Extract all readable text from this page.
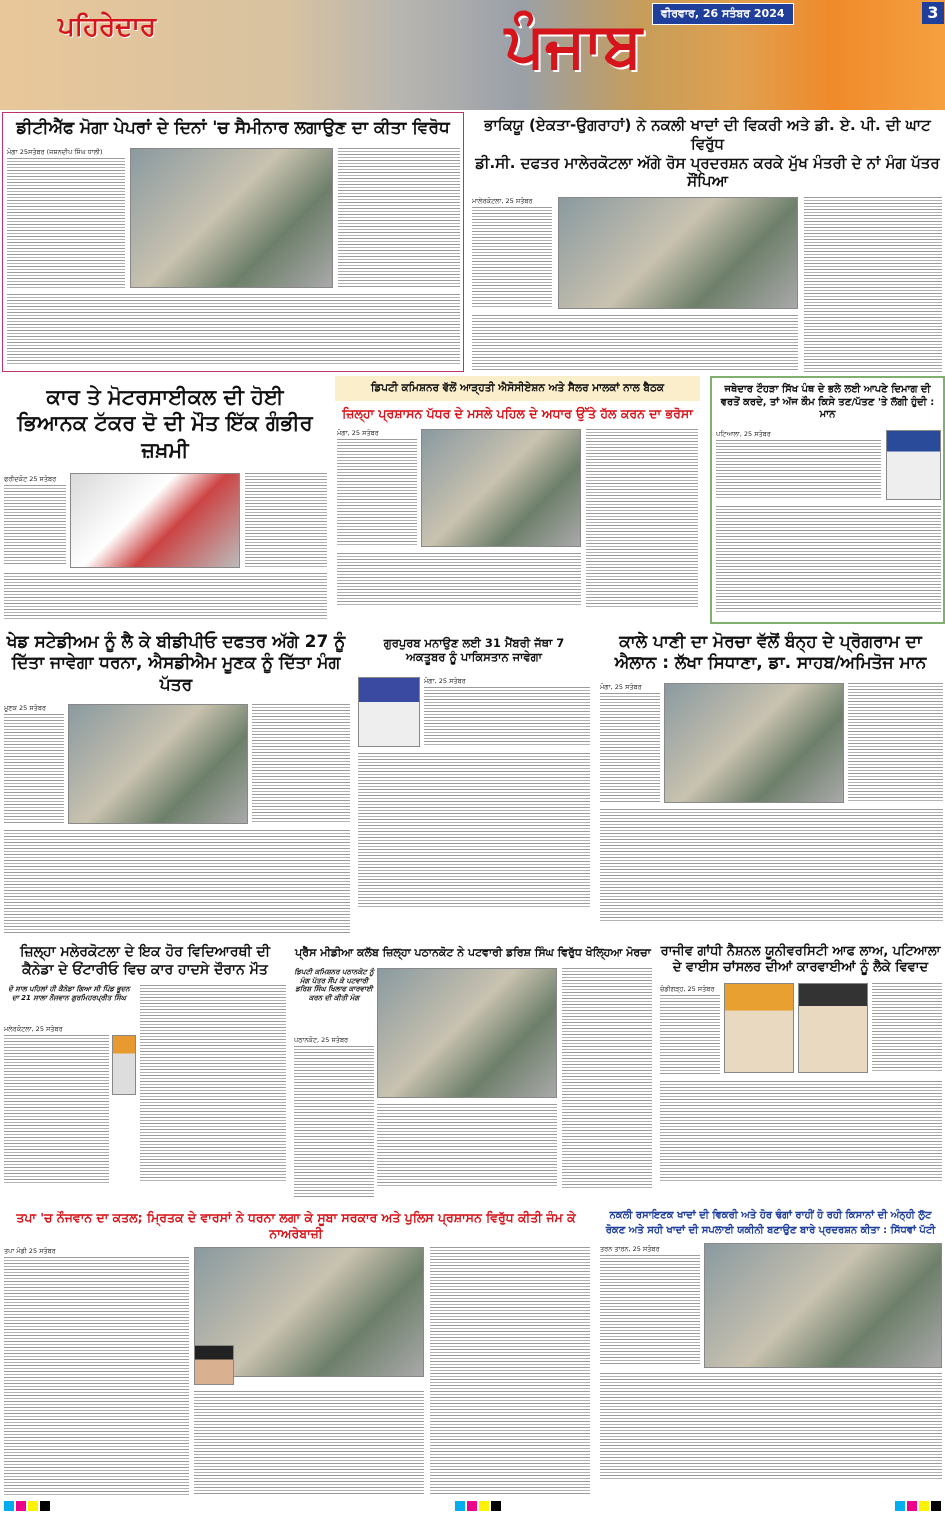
ਪਹਿਰੇਦਾਰ	ਪੰਜਾਬ	ਵੀਰਵਾਰ, 26 ਸਤੰਬਰ 2024	3
ਡੀਟੀਐੱਫ ਮੋਗਾ ਪੇਪਰਾਂ ਦੇ ਦਿਨਾਂ 'ਚ ਸੈਮੀਨਾਰ ਲਗਾਉਣ ਦਾ ਕੀਤਾ ਵਿਰੋਧ
ਮੋਗਾ 25ਸਤੰਬਰ (ਜਸ਼ਨਦੀਪ ਸਿੰਘ ਧਾਲੀ)
ਭਾਕਿਯੂ (ਏਕਤਾ-ਉਗਰਾਹਾਂ) ਨੇ ਨਕਲੀ ਖਾਦਾਂ ਦੀ ਵਿਕਰੀ ਅਤੇ ਡੀ. ਏ. ਪੀ. ਦੀ ਘਾਟ ਵਿਰੁੱਧ
ਡੀ.ਸੀ. ਦਫਤਰ ਮਾਲੇਰਕੋਟਲਾ ਅੱਗੇ ਰੋਸ ਪ੍ਰਦਰਸ਼ਨ ਕਰਕੇ ਮੁੱਖ ਮੰਤਰੀ ਦੇ ਨਾਂ ਮੰਗ ਪੱਤਰ ਸੌਂਪਿਆ
ਮਾਲੇਰਕੋਟਲਾ, 25 ਸਤੰਬਰ
ਕਾਰ ਤੇ ਮੋਟਰਸਾਈਕਲ ਦੀ ਹੋਈ ਭਿਆਨਕ ਟੱਕਰ ਦੋ ਦੀ ਮੌਤ ਇੱਕ ਗੰਭੀਰ ਜ਼ਖ਼ਮੀ
ਫਰੀਦਕੋਟ 25 ਸਤੰਬਰ
ਡਿਪਟੀ ਕਮਿਸ਼ਨਰ ਵੱਲੋਂ ਆੜ੍ਹਤੀ ਐਸੋਸੀਏਸ਼ਨ ਅਤੇ ਸੈਲਰ ਮਾਲਕਾਂ ਨਾਲ ਬੈਠਕ
ਜ਼ਿਲ੍ਹਾ ਪ੍ਰਸ਼ਾਸਨ ਪੱਧਰ ਦੇ ਮਸਲੇ ਪਹਿਲ ਦੇ ਅਧਾਰ ਉੱਤੇ ਹੱਲ ਕਰਨ ਦਾ ਭਰੋਸਾ
ਮੋਗਾ, 25 ਸਤੰਬਰ
ਜਥੇਦਾਰ ਟੌਹੜਾ ਸਿੱਖ ਪੰਥ ਦੇ ਭਲੇ ਲਈ ਆਪਣੇ ਦਿਮਾਗ ਦੀ ਵਰਤੋਂ ਕਰਦੇ, ਤਾਂ ਅੱਜ ਕੌਮ ਕਿਸੇ ਤਣ/ਪੱਤਣ 'ਤੇ ਲੱਗੀ ਹੁੰਦੀ : ਮਾਨ
ਪਟਿਆਲਾ, 25 ਸਤੰਬਰ
ਖੇਡ ਸਟੇਡੀਅਮ ਨੂੰ ਲੈ ਕੇ ਬੀਡੀਪੀਓ ਦਫਤਰ ਅੱਗੇ 27 ਨੂੰ ਦਿੱਤਾ ਜਾਵੇਗਾ ਧਰਨਾ, ਐਸਡੀਐਮ ਮੂਣਕ ਨੂੰ ਦਿੱਤਾ ਮੰਗ ਪੱਤਰ
ਮੂਣਕ 25 ਸਤੰਬਰ
ਗੁਰਪੁਰਬ ਮਨਾਉਣ ਲਈ 31 ਮੈਂਬਰੀ ਜੱਥਾ 7 ਅਕਤੂਬਰ ਨੂੰ ਪਾਕਿਸਤਾਨ ਜਾਵੇਗਾ
ਮੋਗਾ, 25 ਸਤੰਬਰ
ਕਾਲੇ ਪਾਣੀ ਦਾ ਮੋਰਚਾ ਵੱਲੋਂ ਬੰਨ੍ਹ ਦੇ ਪ੍ਰੋਗਰਾਮ ਦਾ ਐਲਾਨ : ਲੱਖਾ ਸਿਧਾਣਾ, ਡਾ. ਸਾਹਬ/ਅਮਿਤੋਜ ਮਾਨ
ਮੋਗਾ, 25 ਸਤੰਬਰ
ਜ਼ਿਲ੍ਹਾ ਮਲੇਰਕੋਟਲਾ ਦੇ ਇਕ ਹੋਰ ਵਿਦਿਆਰਥੀ ਦੀ ਕੈਨੇਡਾ ਦੇ ਓਂਟਾਰੀਓ ਵਿਚ ਕਾਰ ਹਾਦਸੇ ਦੌਰਾਨ ਮੌਤ
ਦੋ ਸਾਲ ਪਹਿਲਾਂ ਹੀ ਕੈਨੇਡਾ ਗਿਆ ਸੀ ਪਿੰਡ ਭੂਦਨ ਦਾ 21 ਸਾਲਾ ਨੌਜਵਾਨ ਗੁਰਮਿਹਰਪ੍ਰੀਤ ਸਿੰਘ
ਮਲੇਰਕੋਟਲਾ, 25 ਸਤੰਬਰ
ਪ੍ਰੈੱਸ ਮੀਡੀਆ ਕਲੱਬ ਜ਼ਿਲ੍ਹਾ ਪਠਾਨਕੋਟ ਨੇ ਪਟਵਾਰੀ ਡਰਿਸ਼ ਸਿੰਘ ਵਿਰੁੱਧ ਖੋਲ੍ਹਿਆ ਮੋਰਚਾ
ਡਿਪਟੀ ਕਮਿਸ਼ਨਰ ਪਠਾਨਕੋਟ ਨੂੰ ਮੰਗ ਪੱਤਰ ਸੌਂਪ ਕੇ ਪਟਵਾਰੀ ਡਰਿਸ਼ ਸਿੰਘ ਖਿਲਾਫ ਕਾਰਵਾਈ ਕਰਨ ਦੀ ਕੀਤੀ ਮੰਗ
ਪਠਾਨਕੋਟ, 25 ਸਤੰਬਰ
ਰਾਜੀਵ ਗਾਂਧੀ ਨੈਸ਼ਨਲ ਯੂਨੀਵਰਸਿਟੀ ਆਫ ਲਾਅ, ਪਟਿਆਲਾ ਦੇ ਵਾਈਸ ਚਾਂਸਲਰ ਦੀਆਂ ਕਾਰਵਾਈਆਂ ਨੂੰ ਲੈਕੇ ਵਿਵਾਦ
ਚੰਡੀਗੜ੍ਹ, 25 ਸਤੰਬਰ
ਤਪਾ 'ਚ ਨੌਜਵਾਨ ਦਾ ਕਤਲ; ਮ੍ਰਿਤਕ ਦੇ ਵਾਰਸਾਂ ਨੇ ਧਰਨਾ ਲਗਾ ਕੇ ਸੂਬਾ ਸਰਕਾਰ ਅਤੇ ਪੁਲਿਸ ਪ੍ਰਸ਼ਾਸਨ ਵਿਰੁੱਧ ਕੀਤੀ ਜੰਮ ਕੇ ਨਾਅਰੇਬਾਜ਼ੀ
ਤਪਾ ਮੰਡੀ 25 ਸਤੰਬਰ
ਨਕਲੀ ਰਸਾਇਣਕ ਖਾਦਾਂ ਦੀ ਵਿਕਰੀ ਅਤੇ ਹੋਰ ਢੰਗਾਂ ਰਾਹੀਂ ਹੋ ਰਹੀ ਕਿਸਾਨਾਂ ਦੀ ਅੰਨ੍ਹੀ ਲੁੱਟ
ਰੋਕਣ ਅਤੇ ਸਹੀ ਖਾਦਾਂ ਦੀ ਸਪਲਾਈ ਯਕੀਨੀ ਬਣਾਉਣ ਬਾਰੇ ਪ੍ਰਦਰਸ਼ਨ ਕੀਤਾ : ਸਿੱਧਵਾਂ ਪੱਟੀ
ਤਰਨ ਤਾਰਨ, 25 ਸਤੰਬਰ
